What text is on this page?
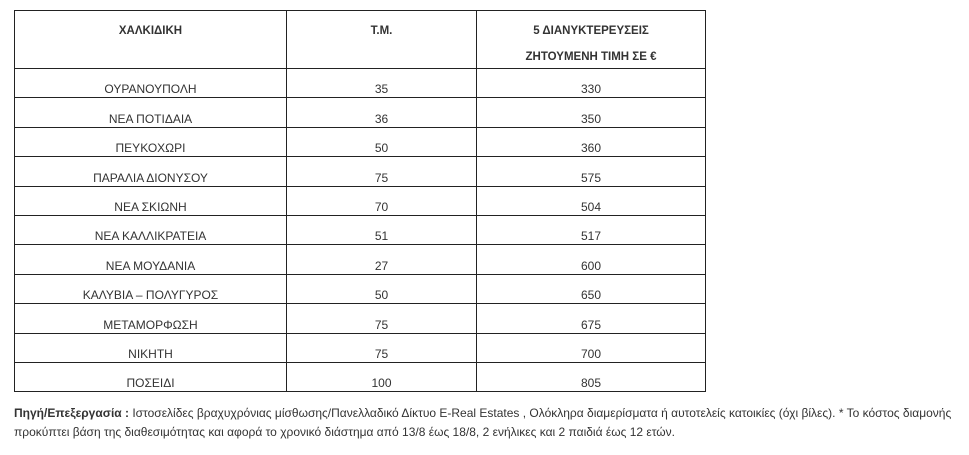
ΧΑΛΚΙΔΙΚΗ	Τ.Μ.	5 ΔΙΑΝΥΚΤΕΡΕΥΣΕΙΣ
ΖΗΤΟΥΜΕΝΗ ΤΙΜΗ ΣΕ €

ΟΥΡΑΝΟΥΠΟΛΗ	35	330
ΝΕΑ ΠΟΤΙΔΑΙΑ	36	350
ΠΕΥΚΟΧΩΡΙ	50	360
ΠΑΡΑΛΙΑ ΔΙΟΝΥΣΟΥ	75	575
ΝΕΑ ΣΚΙΩΝΗ	70	504
ΝΕΑ ΚΑΛΛΙΚΡΑΤΕΙΑ	51	517
ΝΕΑ ΜΟΥΔΑΝΙΑ	27	600
ΚΑΛΥΒΙΑ – ΠΟΛΥΓΥΡΟΣ	50	650
ΜΕΤΑΜΟΡΦΩΣΗ	75	675
ΝΙΚΗΤΗ	75	700
ΠΟΣΕΙΔΙ	100	805

Πηγή/Επεξεργασία : Ιστοσελίδες βραχυχρόνιας μίσθωσης/Πανελλαδικό Δίκτυο E-Real Estates , Ολόκληρα διαμερίσματα ή αυτοτελείς κατοικίες (όχι βίλες). * Το κόστος διαμονής προκύπτει βάση της διαθεσιμότητας και αφορά το χρονικό διάστημα από 13/8 έως 18/8, 2 ενήλικες και 2 παιδιά έως 12 ετών.
